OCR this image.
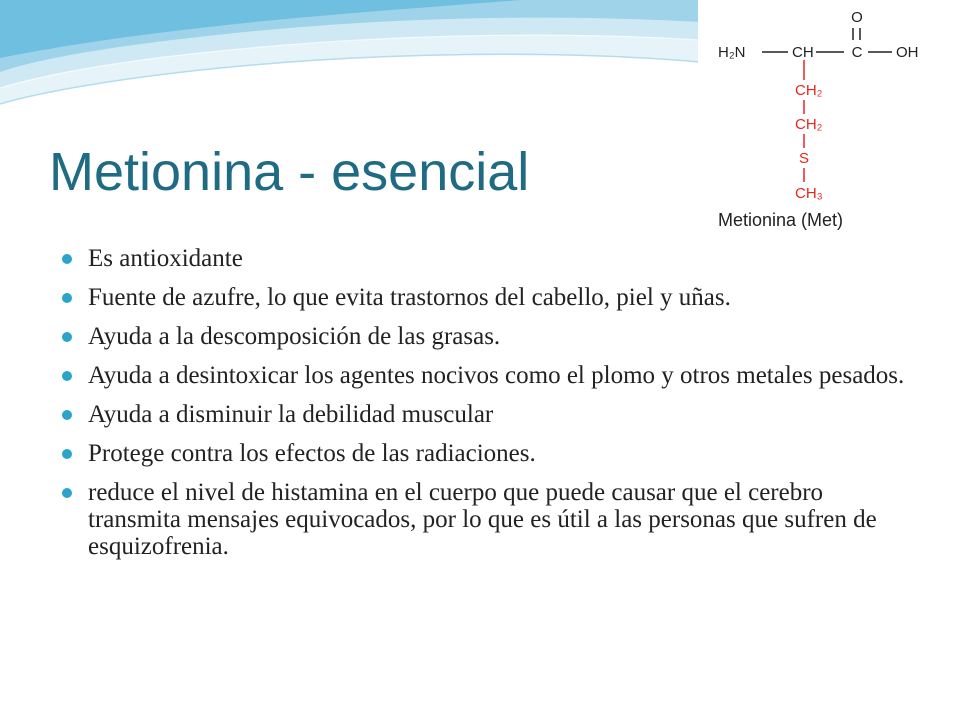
Metionina - esencial
O
H₂N	CH	C OH
CH₂
CH₂
S
CH₃
Metionina (Met)
Es antioxidante
Fuente de azufre, lo que evita trastornos del cabello, piel y uñas.
Ayuda a la descomposición de las grasas.
Ayuda a desintoxicar los agentes nocivos como el plomo y otros metales pesados.
Ayuda a disminuir la debilidad muscular
Protege contra los efectos de las radiaciones.
reduce el nivel de histamina en el cuerpo que puede causar que el cerebro transmita mensajes equivocados, por lo que es útil a las personas que sufren de esquizofrenia.
